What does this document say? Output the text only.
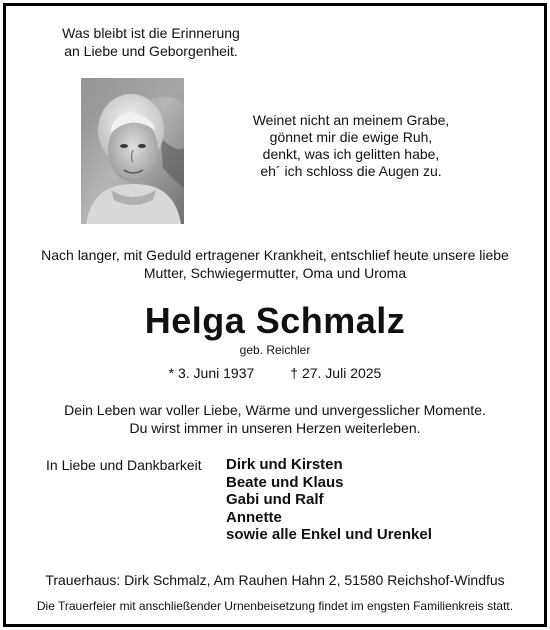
Was bleibt ist die Erinnerung
an Liebe und Geborgenheit.
Weinet nicht an meinem Grabe,
gönnet mir die ewige Ruh,
denkt, was ich gelitten habe,
eh´ ich schloss die Augen zu.
Nach langer, mit Geduld ertragener Krankheit, entschlief heute unsere liebe
Mutter, Schwiegermutter, Oma und Uroma
Helga Schmalz
geb. Reichler
* 3. Juni 1937	† 27. Juli 2025
Dein Leben war voller Liebe, Wärme und unvergesslicher Momente.
Du wirst immer in unseren Herzen weiterleben.
In Liebe und Dankbarkeit	Dirk und Kirsten
Beate und Klaus
Gabi und Ralf
Annette
sowie alle Enkel und Urenkel
Trauerhaus: Dirk Schmalz, Am Rauhen Hahn 2, 51580 Reichshof-Windfus
Die Trauerfeier mit anschließender Urnenbeisetzung findet im engsten Familienkreis statt.
